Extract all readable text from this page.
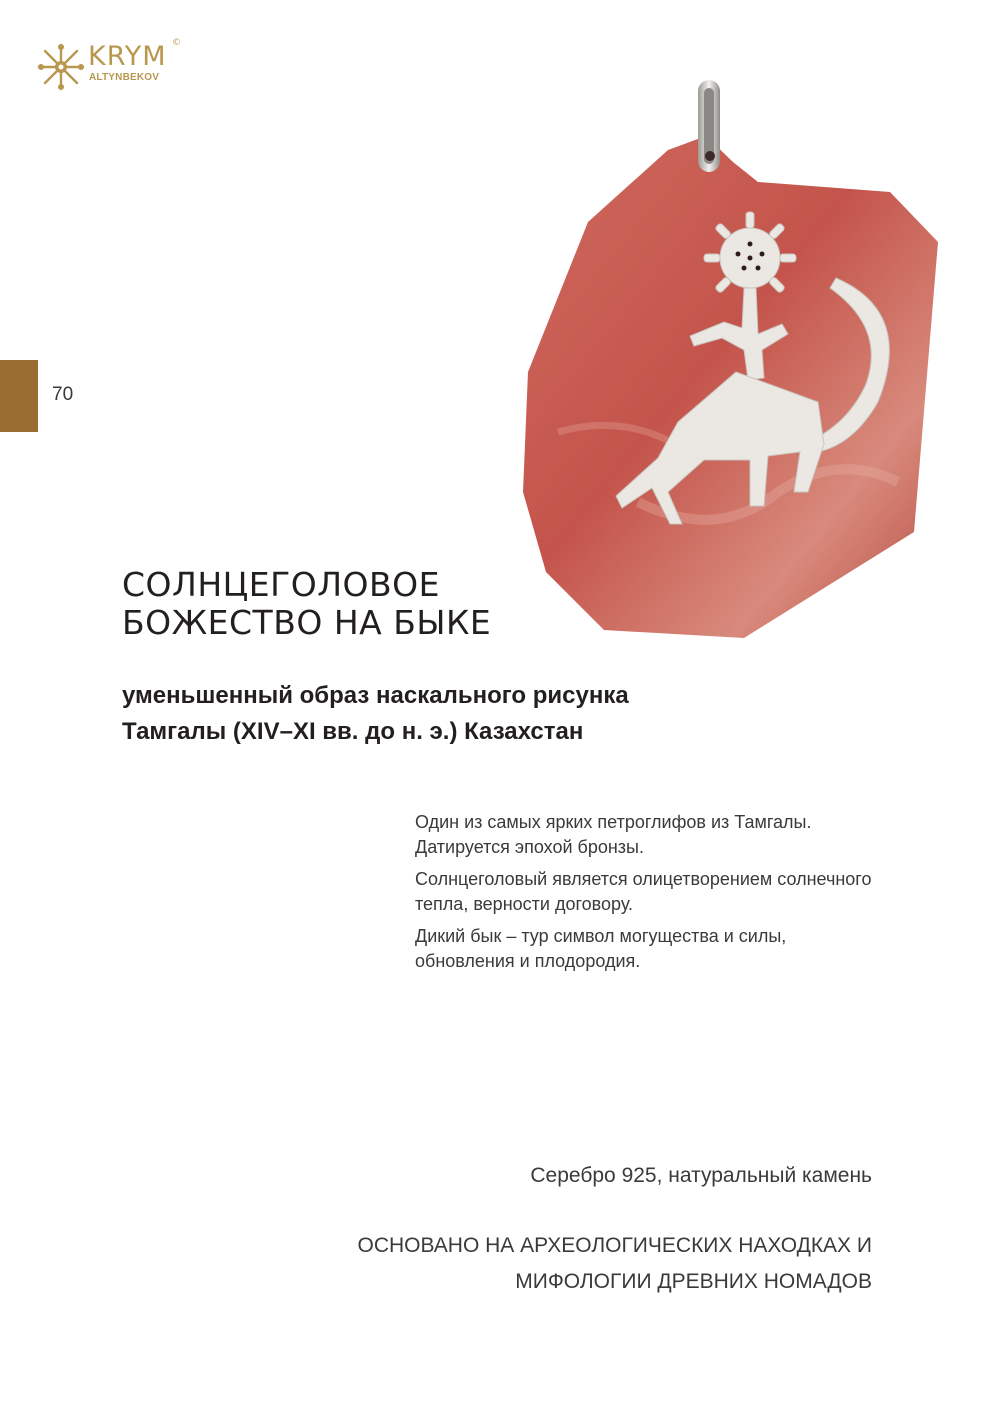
KRYM ©
ALTYNBEKOV
70
СОЛНЦЕГОЛОВОЕ
БОЖЕСТВО НА БЫКЕ
уменьшенный образ наскального рисунка
Тамгалы (XIV–XI вв. до н. э.) Казахстан

Один из самых ярких петроглифов из Тамгалы. Датируется эпохой бронзы.

Солнцеголовый является олицетворением солнечного тепла, верности договору.

Дикий бык – тур символ могущества и силы, обновления и плодородия.

Серебро 925, натуральный камень

ОСНОВАНО НА АРХЕОЛОГИЧЕСКИХ НАХОДКАХ И
МИФОЛОГИИ ДРЕВНИХ НОМАДОВ
